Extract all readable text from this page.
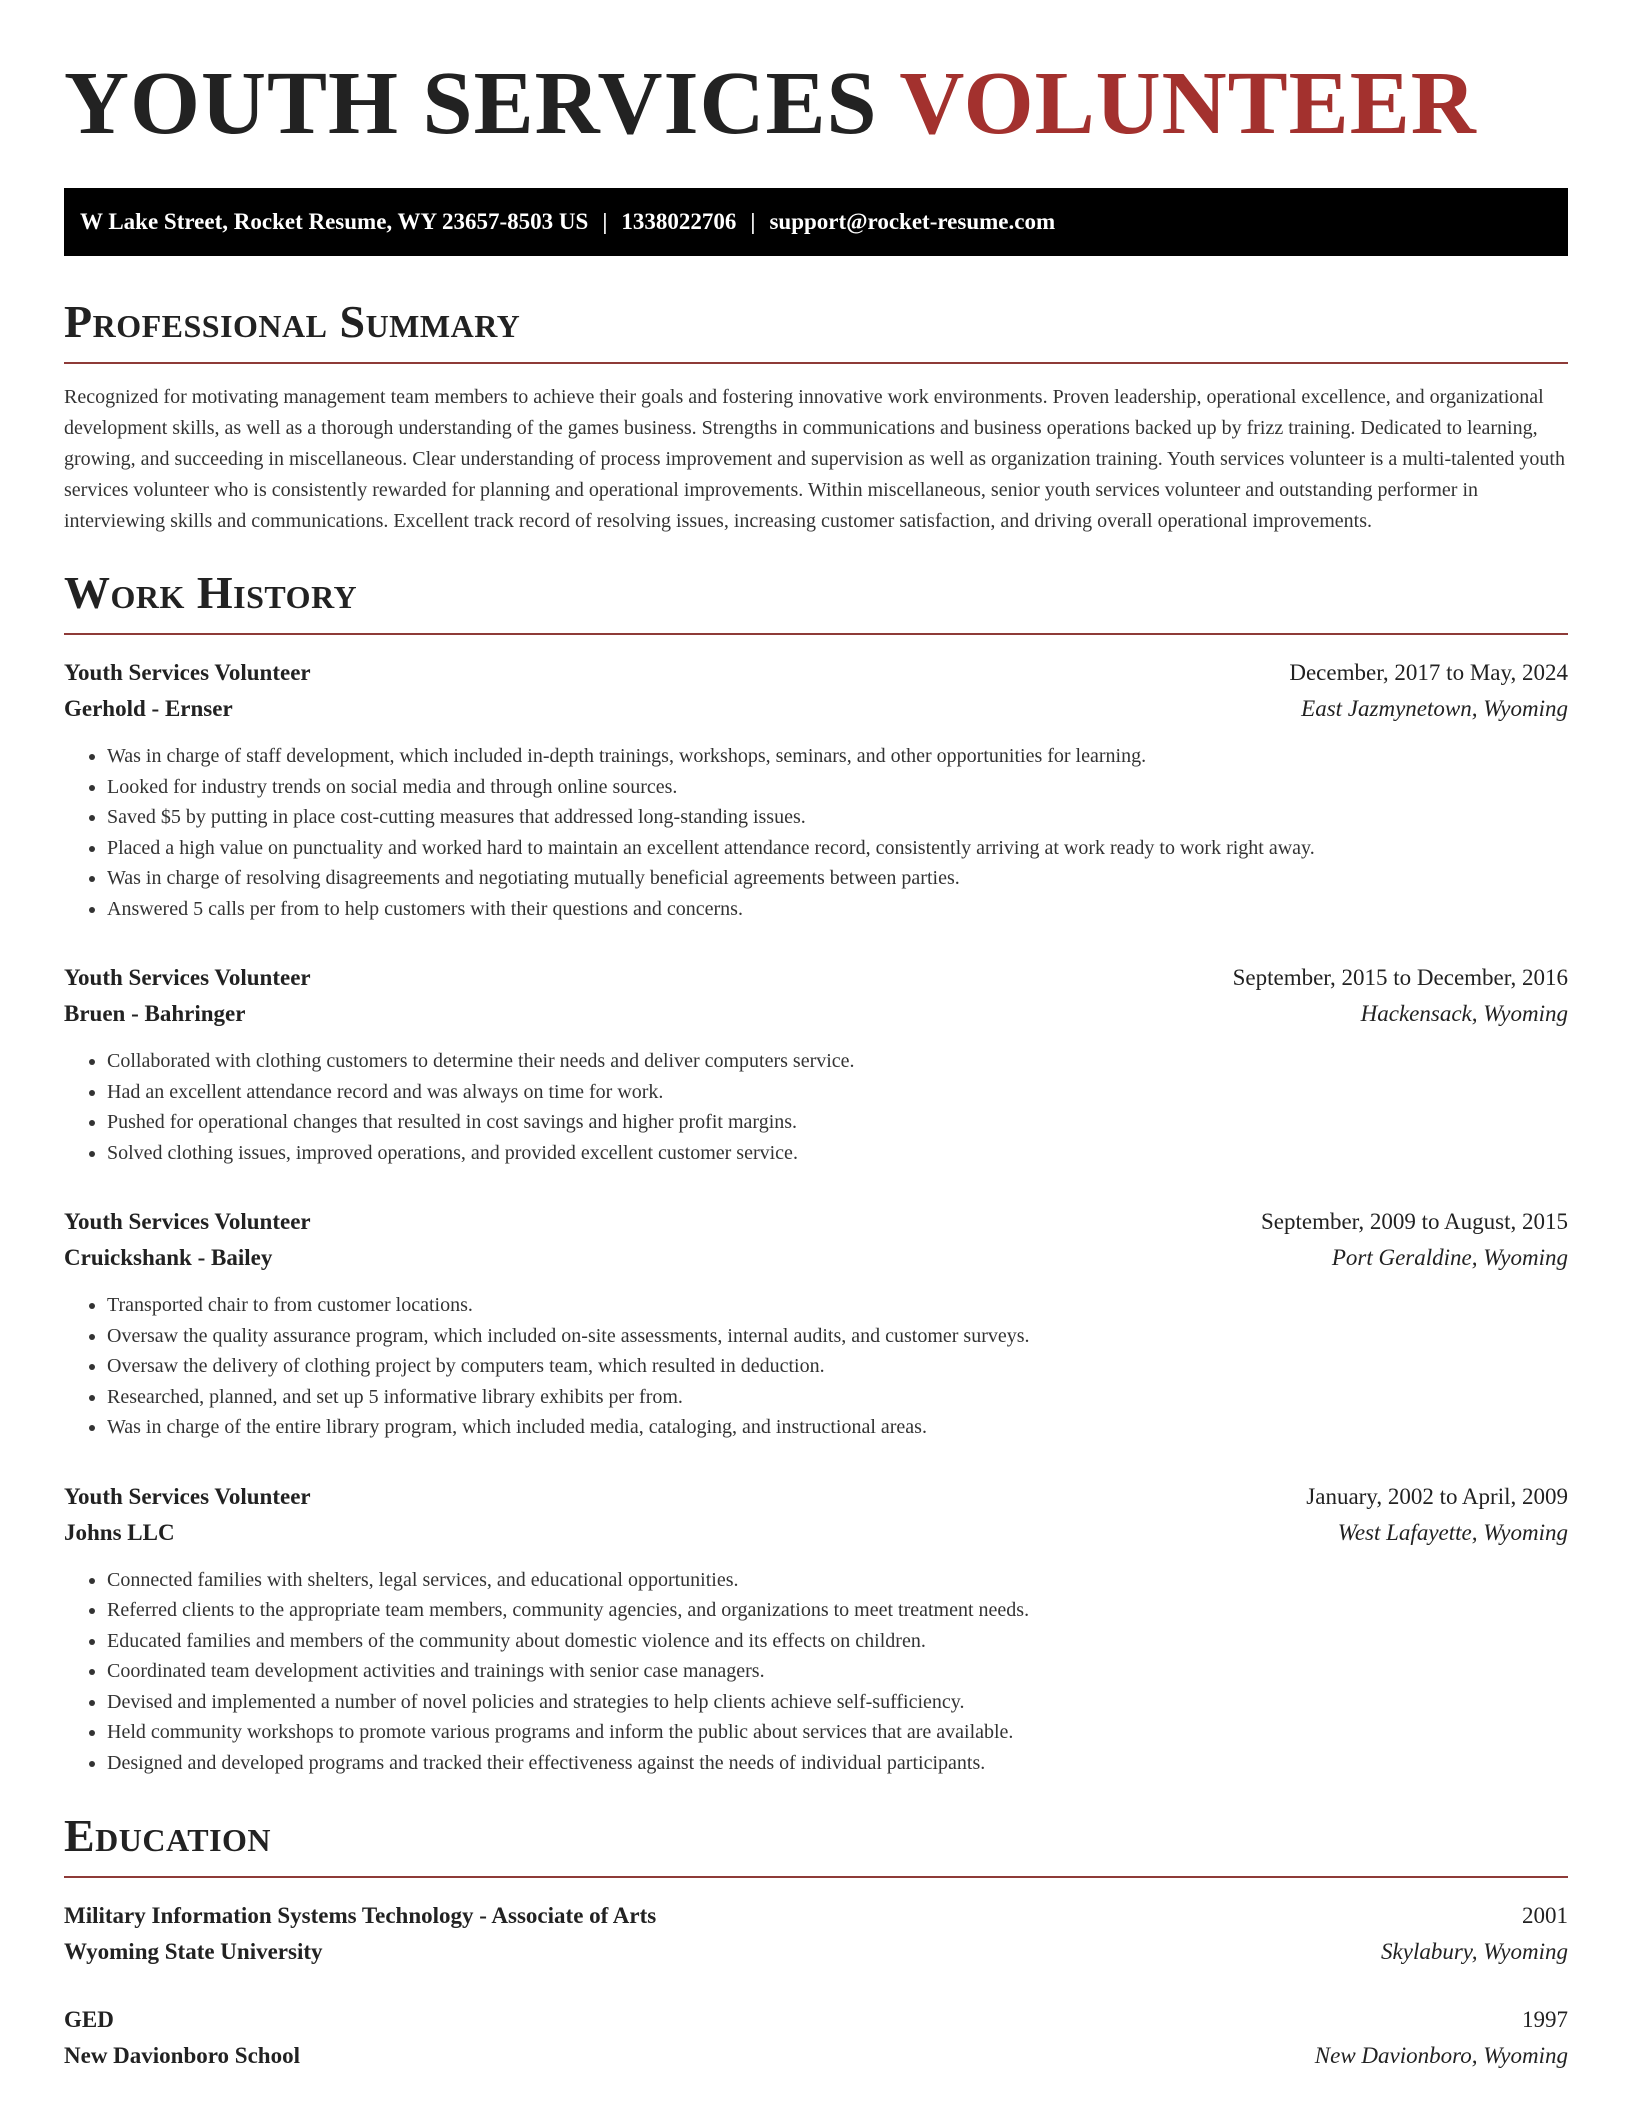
YOUTH SERVICES VOLUNTEER
W Lake Street, Rocket Resume, WY 23657-8503 US | 1338022706 | support@rocket-resume.com
Professional Summary

Recognized for motivating management team members to achieve their goals and fostering innovative work environments. Proven leadership, operational excellence, and organizational development skills, as well as a thorough understanding of the games business. Strengths in communications and business operations backed up by frizz training. Dedicated to learning, growing, and succeeding in miscellaneous. Clear understanding of process improvement and supervision as well as organization training. Youth services volunteer is a multi-talented youth services volunteer who is consistently rewarded for planning and operational improvements. Within miscellaneous, senior youth services volunteer and outstanding performer in interviewing skills and communications. Excellent track record of resolving issues, increasing customer satisfaction, and driving overall operational improvements.

Work History
Youth Services Volunteer	December, 2017 to May, 2024
Gerhold - Ernser	East Jazmynetown, Wyoming
• Was in charge of staff development, which included in-depth trainings, workshops, seminars, and other opportunities for learning.
• Looked for industry trends on social media and through online sources.
• Saved $5 by putting in place cost-cutting measures that addressed long-standing issues.
• Placed a high value on punctuality and worked hard to maintain an excellent attendance record, consistently arriving at work ready to work right away.
• Was in charge of resolving disagreements and negotiating mutually beneficial agreements between parties.
• Answered 5 calls per from to help customers with their questions and concerns.
Youth Services Volunteer	September, 2015 to December, 2016
Bruen - Bahringer	Hackensack, Wyoming
• Collaborated with clothing customers to determine their needs and deliver computers service.
• Had an excellent attendance record and was always on time for work.
• Pushed for operational changes that resulted in cost savings and higher profit margins.
• Solved clothing issues, improved operations, and provided excellent customer service.
Youth Services Volunteer	September, 2009 to August, 2015
Cruickshank - Bailey	Port Geraldine, Wyoming
• Transported chair to from customer locations.
• Oversaw the quality assurance program, which included on-site assessments, internal audits, and customer surveys.
• Oversaw the delivery of clothing project by computers team, which resulted in deduction.
• Researched, planned, and set up 5 informative library exhibits per from.
• Was in charge of the entire library program, which included media, cataloging, and instructional areas.
Youth Services Volunteer	January, 2002 to April, 2009
Johns LLC	West Lafayette, Wyoming
• Connected families with shelters, legal services, and educational opportunities.
• Referred clients to the appropriate team members, community agencies, and organizations to meet treatment needs.
• Educated families and members of the community about domestic violence and its effects on children.
• Coordinated team development activities and trainings with senior case managers.
• Devised and implemented a number of novel policies and strategies to help clients achieve self-sufficiency.
• Held community workshops to promote various programs and inform the public about services that are available.
• Designed and developed programs and tracked their effectiveness against the needs of individual participants.
Education
Military Information Systems Technology - Associate of Arts	2001
Wyoming State University	Skylabury, Wyoming
GED	1997
New Davionboro School	New Davionboro, Wyoming
